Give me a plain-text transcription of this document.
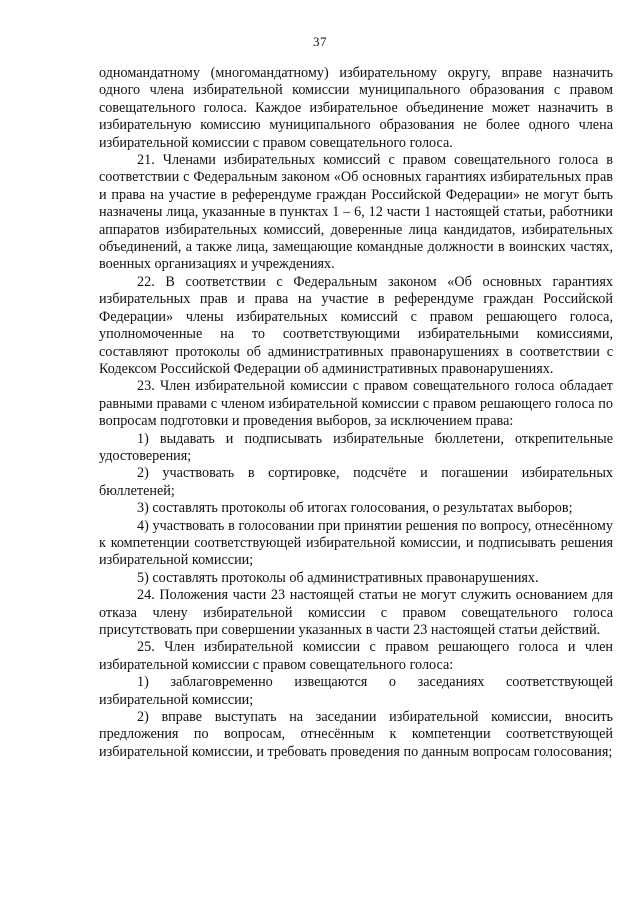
37

одномандатному (многомандатному) избирательному округу, вправе назначить одного члена избирательной комиссии муниципального образования с правом совещательного голоса. Каждое избирательное объединение может назначить в избирательную комиссию муниципального образования не более одного члена избирательной комиссии с правом совещательного голоса.

21. Членами избирательных комиссий с правом совещательного голоса в соответствии с Федеральным законом «Об основных гарантиях избирательных прав и права на участие в референдуме граждан Российской Федерации» не могут быть назначены лица, указанные в пунктах 1 – 6, 12 части 1 настоящей статьи, работники аппаратов избирательных комиссий, доверенные лица кандидатов, избирательных объединений, а также лица, замещающие командные должности в воинских частях, военных организациях и учреждениях.

22. В соответствии с Федеральным законом «Об основных гарантиях избирательных прав и права на участие в референдуме граждан Российской Федерации» члены избирательных комиссий с правом решающего голоса, уполномоченные на то соответствующими избирательными комиссиями, составляют протоколы об административных правонарушениях в соответствии с Кодексом Российской Федерации об административных правонарушениях.

23. Член избирательной комиссии с правом совещательного голоса обладает равными правами с членом избирательной комиссии с правом решающего голоса по вопросам подготовки и проведения выборов, за исключением права:

1) выдавать и подписывать избирательные бюллетени, открепительные удостоверения;

2) участвовать в сортировке, подсчёте и погашении избирательных бюллетеней;

3) составлять протоколы об итогах голосования, о результатах выборов;

4) участвовать в голосовании при принятии решения по вопросу, отнесённому к компетенции соответствующей избирательной комиссии, и подписывать решения избирательной комиссии;

5) составлять протоколы об административных правонарушениях.

24. Положения части 23 настоящей статьи не могут служить основанием для отказа члену избирательной комиссии с правом совещательного голоса присутствовать при совершении указанных в части 23 настоящей статьи действий.

25. Член избирательной комиссии с правом решающего голоса и член избирательной комиссии с правом совещательного голоса:

1) заблаговременно извещаются о заседаниях соответствующей избирательной комиссии;

2) вправе выступать на заседании избирательной комиссии, вносить предложения по вопросам, отнесённым к компетенции соответствующей избирательной комиссии, и требовать проведения по данным вопросам голосования;
